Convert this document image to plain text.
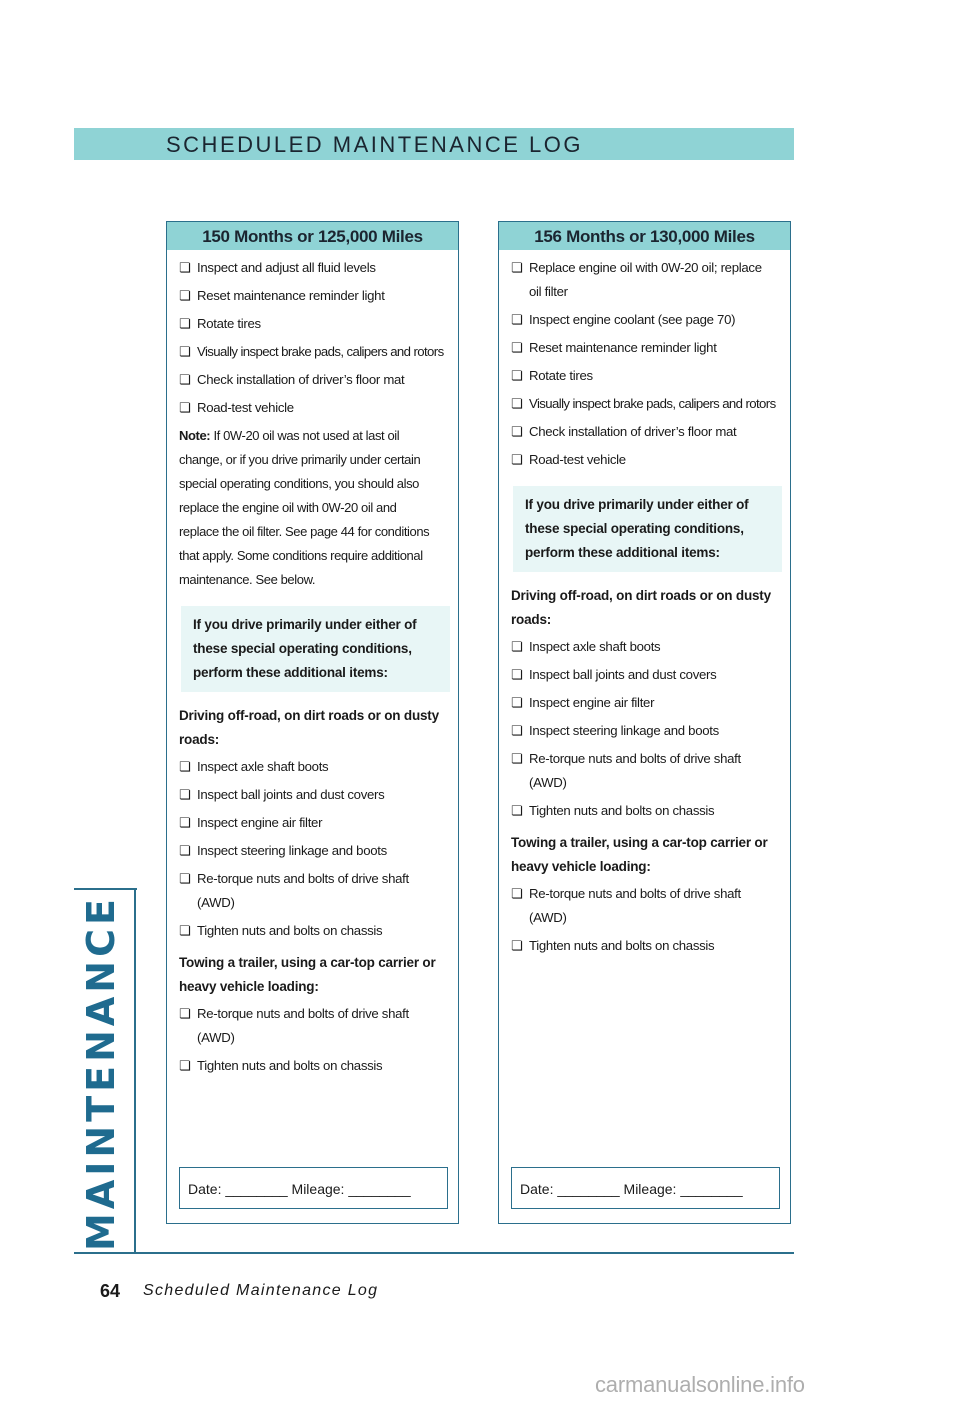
SCHEDULED MAINTENANCE LOG
150 Months or 125,000 Miles
❏ Inspect and adjust all fluid levels
❏ Reset maintenance reminder light
❏ Rotate tires
❏ Visually inspect brake pads, calipers and rotors
❏ Check installation of driver’s floor mat
❏ Road-test vehicle
Note: If 0W-20 oil was not used at last oil change, or if you drive primarily under certain special operating conditions, you should also replace the engine oil with 0W-20 oil and replace the oil filter. See page 44 for conditions that apply. Some conditions require additional maintenance. See below.
If you drive primarily under either of these special operating conditions, perform these additional items:
Driving off-road, on dirt roads or on dusty roads:
❏ Inspect axle shaft boots
❏ Inspect ball joints and dust covers
❏ Inspect engine air filter
❏ Inspect steering linkage and boots
❏ Re-torque nuts and bolts of drive shaft (AWD)
❏ Tighten nuts and bolts on chassis
Towing a trailer, using a car-top carrier or heavy vehicle loading:
❏ Re-torque nuts and bolts of drive shaft (AWD)
❏ Tighten nuts and bolts on chassis
Date: ________ Mileage: ________
156 Months or 130,000 Miles
❏ Replace engine oil with 0W-20 oil; replace oil filter
❏ Inspect engine coolant (see page 70)
❏ Reset maintenance reminder light
❏ Rotate tires
❏ Visually inspect brake pads, calipers and rotors
❏ Check installation of driver’s floor mat
❏ Road-test vehicle
If you drive primarily under either of these special operating conditions, perform these additional items:
Driving off-road, on dirt roads or on dusty roads:
❏ Inspect axle shaft boots
❏ Inspect ball joints and dust covers
❏ Inspect engine air filter
❏ Inspect steering linkage and boots
❏ Re-torque nuts and bolts of drive shaft (AWD)
❏ Tighten nuts and bolts on chassis
Towing a trailer, using a car-top carrier or heavy vehicle loading:
❏ Re-torque nuts and bolts of drive shaft (AWD)
❏ Tighten nuts and bolts on chassis
Date: ________ Mileage: ________
MAINTENANCE
64 Scheduled Maintenance Log
carmanualsonline.info
